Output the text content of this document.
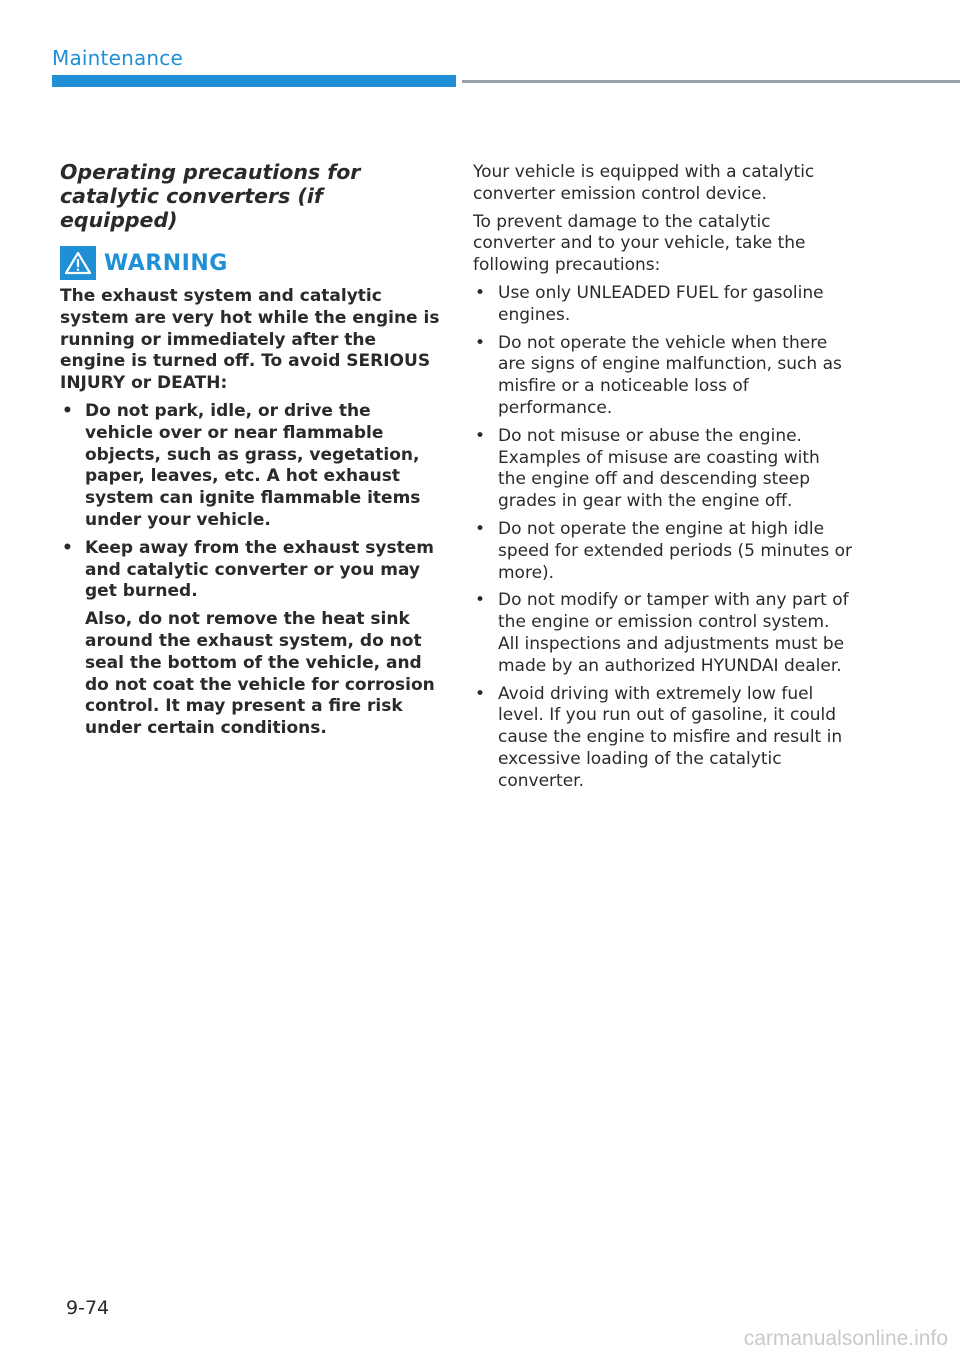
Maintenance
Operating precautions for catalytic converters (if equipped)
WARNING

The exhaust system and catalytic system are very hot while the engine is running or immediately after the engine is turned off. To avoid SERIOUS INJURY or DEATH:

• Do not park, idle, or drive the vehicle over or near flammable objects, such as grass, vegetation, paper, leaves, etc. A hot exhaust system can ignite flammable items under your vehicle.
• Keep away from the exhaust system and catalytic converter or you may get burned.

Also, do not remove the heat sink around the exhaust system, do not seal the bottom of the vehicle, and do not coat the vehicle for corrosion control. It may present a fire risk under certain conditions.

Your vehicle is equipped with a catalytic converter emission control device.

To prevent damage to the catalytic converter and to your vehicle, take the following precautions:

• Use only UNLEADED FUEL for gasoline engines.
• Do not operate the vehicle when there are signs of engine malfunction, such as misfire or a noticeable loss of performance.
• Do not misuse or abuse the engine. Examples of misuse are coasting with the engine off and descending steep grades in gear with the engine off.
• Do not operate the engine at high idle speed for extended periods (5 minutes or more).
• Do not modify or tamper with any part of the engine or emission control system. All inspections and adjustments must be made by an authorized HYUNDAI dealer.
• Avoid driving with extremely low fuel level. If you run out of gasoline, it could cause the engine to misfire and result in excessive loading of the catalytic converter.
9-74
carmanualsonline.info
